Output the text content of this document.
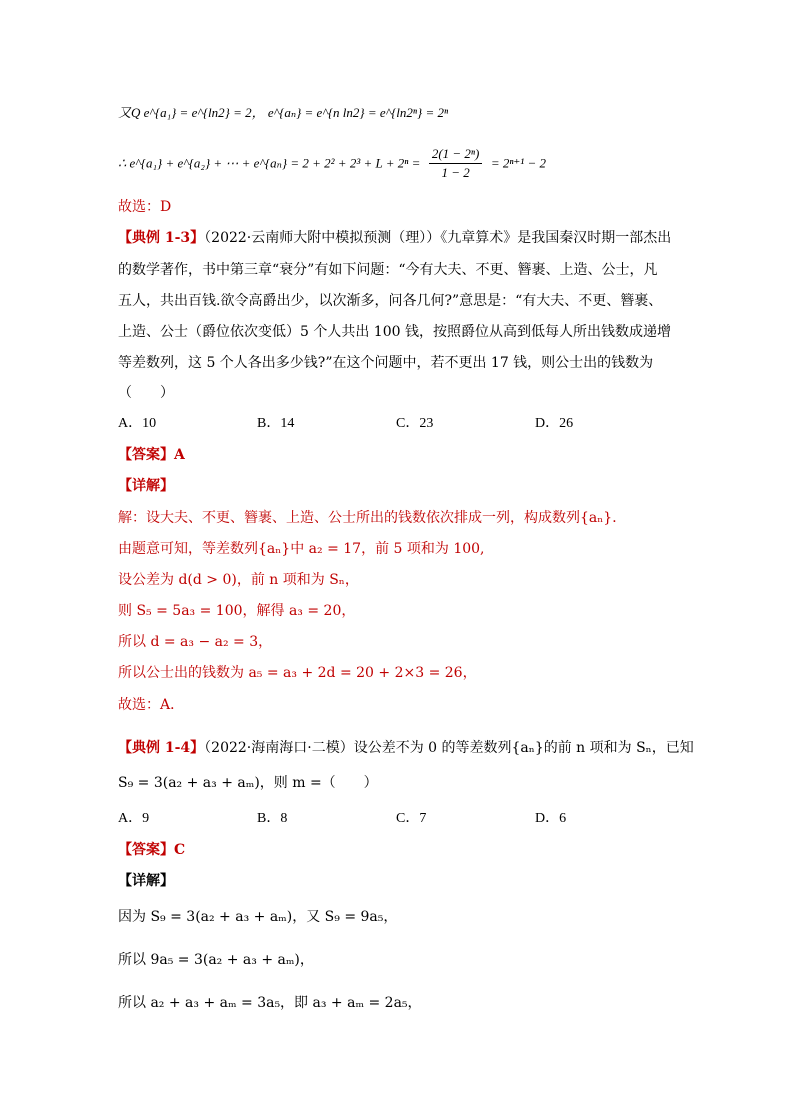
又Q e^{a₁} = e^{ln2} = 2， e^{aₙ} = e^{n ln2} = e^{ln2ⁿ} = 2ⁿ
∴ e^{a₁} + e^{a₂} + ⋯ + e^{aₙ} = $2 + 2^2 + 2^3 + L + 2^n = \frac{\text{2(1 − 2ⁿ)}}{1 - 2} = 2^{n+1} - 2$
故选：D
【典例 1-3】（2022·云南师大附中模拟预测（理））《九章算术》是我国秦汉时期一部杰出
的数学著作，书中第三章“衰分”有如下问题：“今有大夫、不更、簪裹、上造、公士，凡
五人，共出百钱.欲令高爵出少，以次渐多，问各几何?”意思是：“有大夫、不更、簪裹、
上造、公士（爵位依次变低）5 个人共出 100 钱，按照爵位从高到低每人所出钱数成递增
等差数列，这 5 个人各出多少钱?”在这个问题中，若不更出 17 钱，则公士出的钱数为
（　　）
A．10	B．14	C．23	D．26
【答案】A
【详解】
解：设大夫、不更、簪裹、上造、公士所出的钱数依次排成一列，构成数列{aₙ}．
由题意可知，等差数列{aₙ}中 a₂ = 17，前 5 项和为 100,
设公差为 d(d > 0)，前 n 项和为 Sₙ，
则 S₅ = 5a₃ = 100，解得 a₃ = 20，
所以 d = a₃ − a₂ = 3，
所以公士出的钱数为 a₅ = a₃ + 2d = 20 + 2×3 = 26，
故选：A．
【典例 1-4】（2022·海南海口·二模）设公差不为 0 的等差数列{aₙ}的前 n 项和为 Sₙ，已知
S₉ = 3(a₂ + a₃ + aₘ)，则 m =（　　）
A．9	B．8	C．7	D．6
【答案】C
【详解】
因为 S₉ = 3(a₂ + a₃ + aₘ)，又 S₉ = 9a₅，
所以 9a₅ = 3(a₂ + a₃ + aₘ)，
所以 a₂ + a₃ + aₘ = 3a₅，即 a₃ + aₘ = 2a₅，
